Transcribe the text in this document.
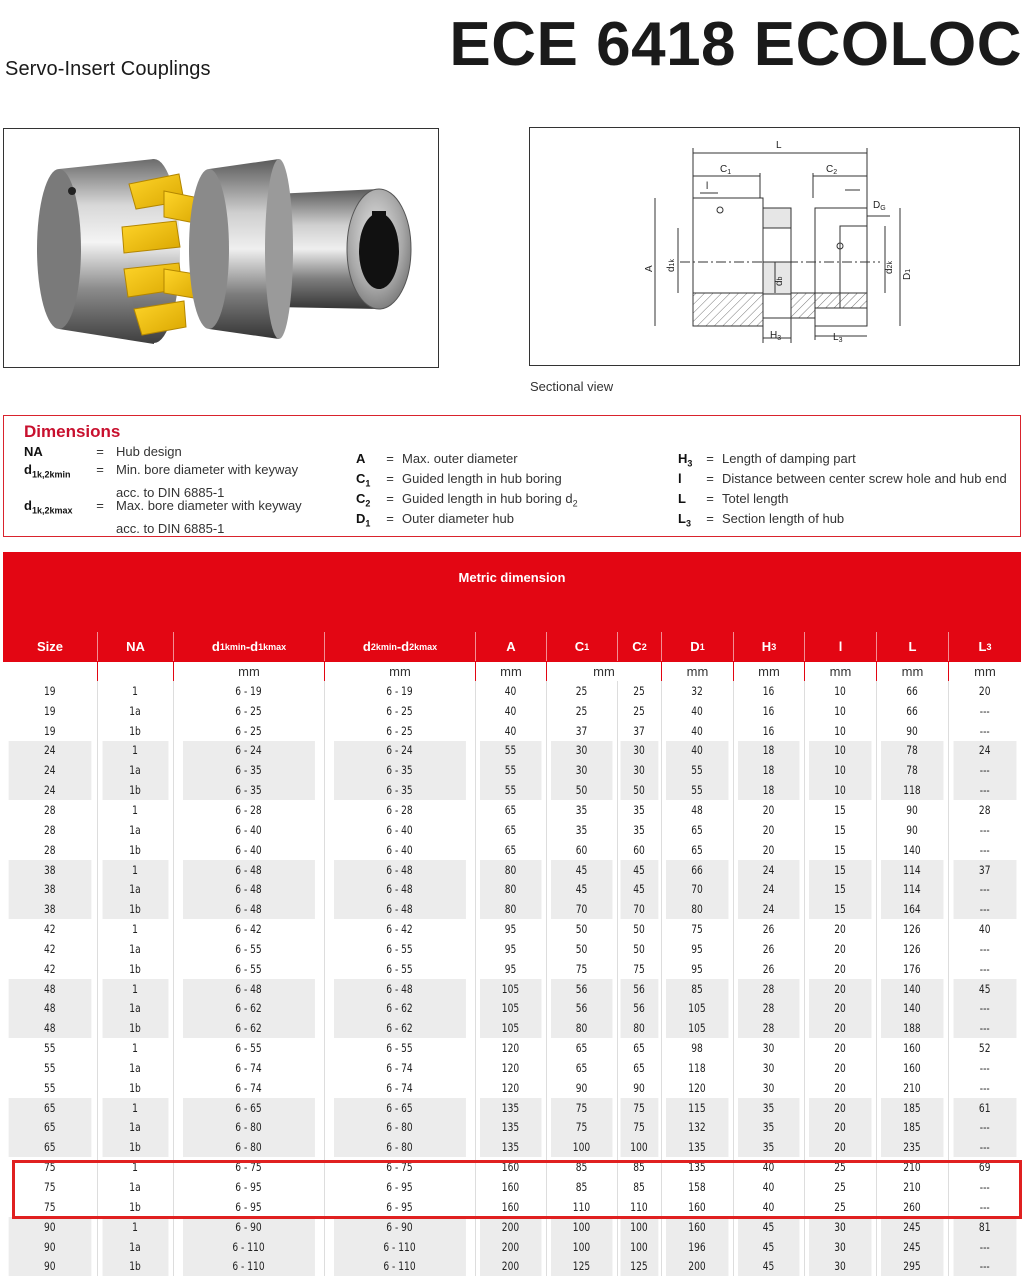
Servo-Insert Couplings	ECE 6418 ECOLOC
L
$C_1$	$C_2$
l
$D_G$
A d1k
db
d2k
D1
$H_3$	$L_3$
Sectional view
Dimensions
NA	= Hub design
$d_{1k,2kmin}$	= Min. bore diameter with keyway
acc. to DIN 6885-1
$d_{1k,2kmax}$	= Max. bore diameter with keyway
acc. to DIN 6885-1
A	= Max. outer diameter
$C_1$	= Guided length in hub boring
$C_2$	= Guided length in hub boring $d_2$
$D_1$	= Outer diameter hub
$H_3$	= Length of damping part
l	= Distance between center screw hole and hub end
L	= Totel length
$L_3$	= Section length of hub
Metric dimension
Size	NA	d 1kmin -d 1kmax	d 2kmin -d 2kmax	A	C 1	C 2	D 1	H 3	l	L	L 3
mm	mm	mm	mm	mm	mm	mm	mm	mm
19	1	6 - 19	6 - 19	40	25	25	32	16	10	66	20
19	1a	6 - 25	6 - 25	40	25	25	40	16	10	66	---
19	1b	6 - 25	6 - 25	40	37	37	40	16	10	90	---
24	1	6 - 24	6 - 24	55	30	30	40	18	10	78	24
24	1a	6 - 35	6 - 35	55	30	30	55	18	10	78	---
24	1b	6 - 35	6 - 35	55	50	50	55	18	10	118	---
28	1	6 - 28	6 - 28	65	35	35	48	20	15	90	28
28	1a	6 - 40	6 - 40	65	35	35	65	20	15	90	---
28	1b	6 - 40	6 - 40	65	60	60	65	20	15	140	---
38	1	6 - 48	6 - 48	80	45	45	66	24	15	114	37
38	1a	6 - 48	6 - 48	80	45	45	70	24	15	114	---
38	1b	6 - 48	6 - 48	80	70	70	80	24	15	164	---
42	1	6 - 42	6 - 42	95	50	50	75	26	20	126	40
42	1a	6 - 55	6 - 55	95	50	50	95	26	20	126	---
42	1b	6 - 55	6 - 55	95	75	75	95	26	20	176	---
48	1	6 - 48	6 - 48	105	56	56	85	28	20	140	45
48	1a	6 - 62	6 - 62	105	56	56	105	28	20	140	---
48	1b	6 - 62	6 - 62	105	80	80	105	28	20	188	---
55	1	6 - 55	6 - 55	120	65	65	98	30	20	160	52
55	1a	6 - 74	6 - 74	120	65	65	118	30	20	160	---
55	1b	6 - 74	6 - 74	120	90	90	120	30	20	210	---
65	1	6 - 65	6 - 65	135	75	75	115	35	20	185	61
65	1a	6 - 80	6 - 80	135	75	75	132	35	20	185	---
65	1b	6 - 80	6 - 80	135	100	100	135	35	20	235	---
75	1	6 - 75	6 - 75	160	85	85	135	40	25	210	69
75	1a	6 - 95	6 - 95	160	85	85	158	40	25	210	---
75	1b	6 - 95	6 - 95	160	110	110	160	40	25	260	---
90	1	6 - 90	6 - 90	200	100	100	160	45	30	245	81
90	1a	6 - 110	6 - 110	200	100	100	196	45	30	245	---
90	1b	6 - 110	6 - 110	200	125	125	200	45	30	295	---
